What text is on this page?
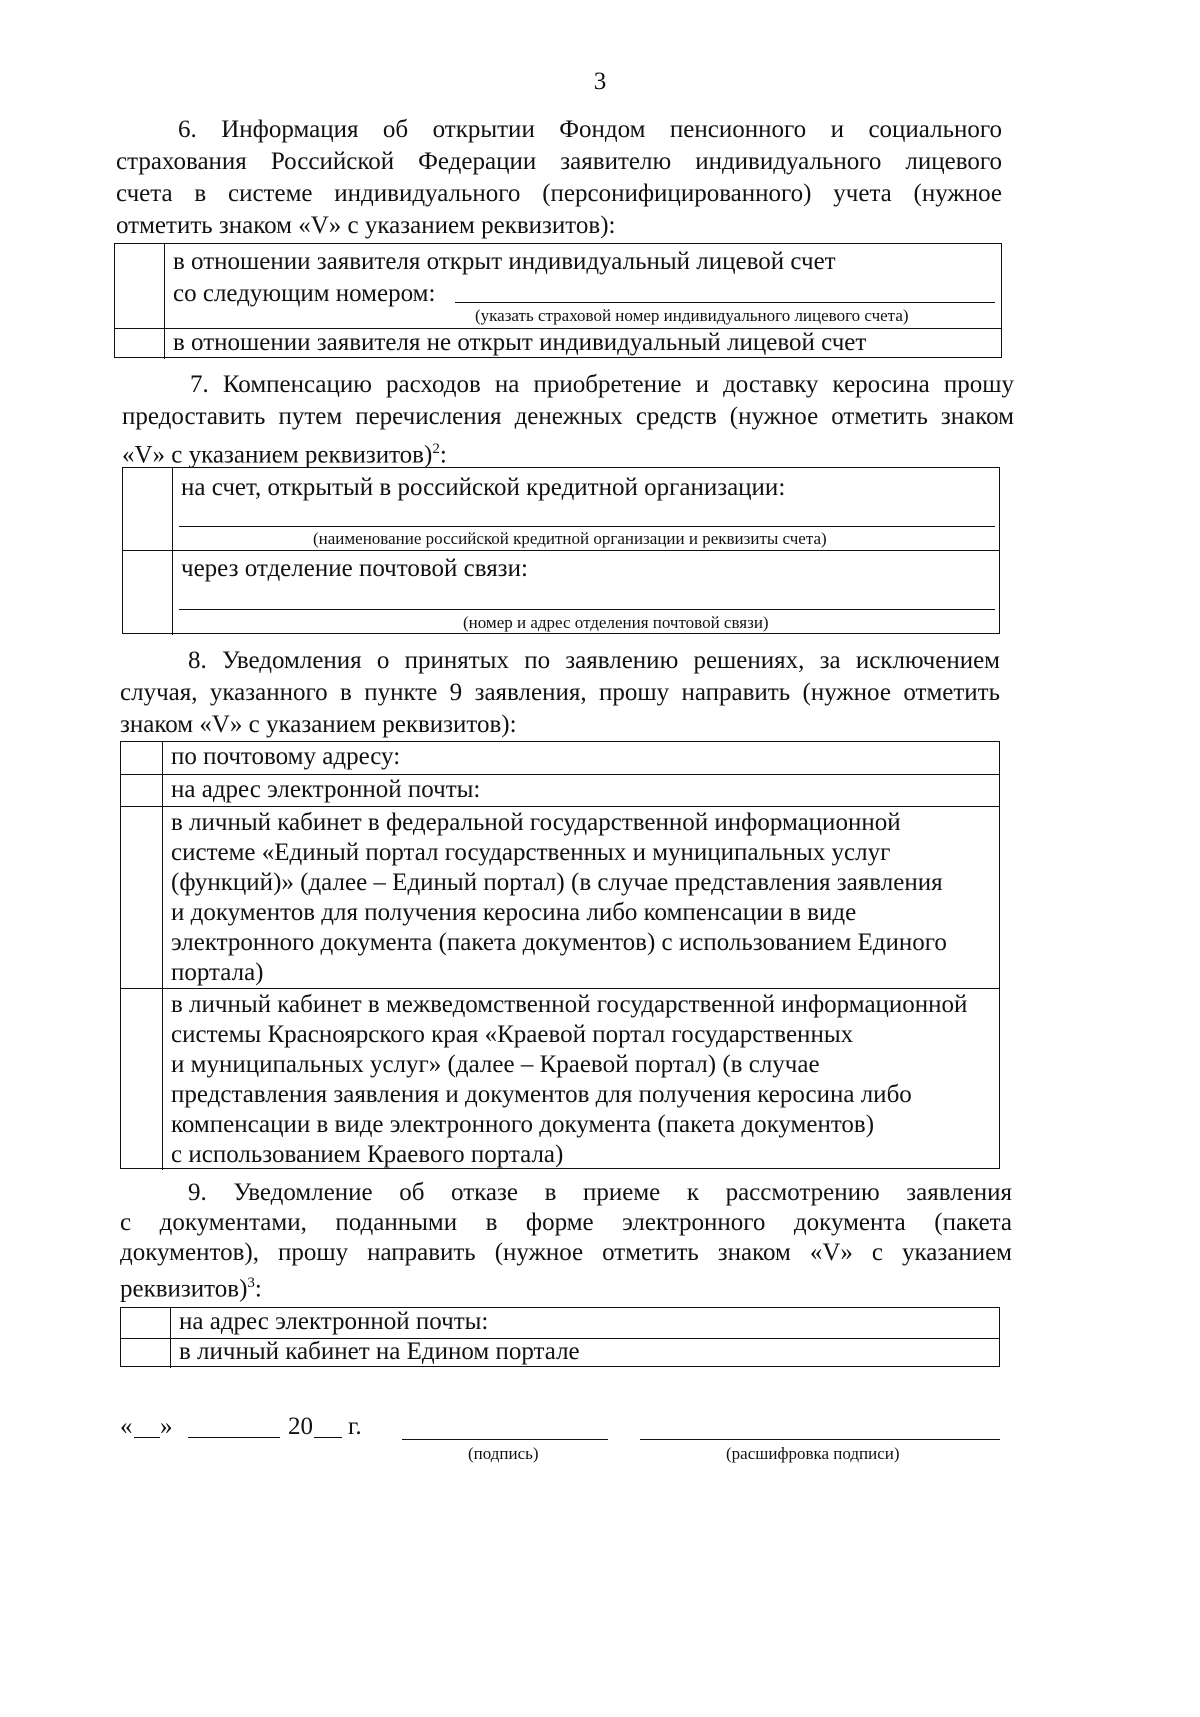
3
6. Информация об открытии Фондом пенсионного и социального
страхования Российской Федерации заявителю индивидуального лицевого
счета в системе индивидуального (персонифицированного) учета (нужное
отметить знаком «V» с указанием реквизитов):
в отношении заявителя открыт индивидуальный лицевой счет
со следующим номером:
(указать страховой номер индивидуального лицевого счета)
в отношении заявителя не открыт индивидуальный лицевой счет
7. Компенсацию расходов на приобретение и доставку керосина прошу
предоставить путем перечисления денежных средств (нужное отметить знаком
«V» с указанием реквизитов)$^2$:
на счет, открытый в российской кредитной организации:
(наименование российской кредитной организации и реквизиты счета)
через отделение почтовой связи:
(номер и адрес отделения почтовой связи)
8. Уведомления о принятых по заявлению решениях, за исключением
случая, указанного в пункте 9 заявления, прошу направить (нужное отметить
знаком «V» с указанием реквизитов):
по почтовому адресу:
на адрес электронной почты:
в личный кабинет в федеральной государственной информационной
системе «Единый портал государственных и муниципальных услуг
(функций)» (далее – Единый портал) (в случае представления заявления
и документов для получения керосина либо компенсации в виде
электронного документа (пакета документов) с использованием Единого
портала)
в личный кабинет в межведомственной государственной информационной
системы Красноярского края «Краевой портал государственных
и муниципальных услуг» (далее – Краевой портал) (в случае
представления заявления и документов для получения керосина либо
компенсации в виде электронного документа (пакета документов)
с использованием Краевого портала)
9. Уведомление об отказе в приеме к рассмотрению заявления
с документами, поданными в форме электронного документа (пакета
документов), прошу направить (нужное отметить знаком «V» с указанием
реквизитов)$^3$:
на адрес электронной почты:
в личный кабинет на Едином портале
« »	20 г.
(подпись)	(расшифровка подписи)
